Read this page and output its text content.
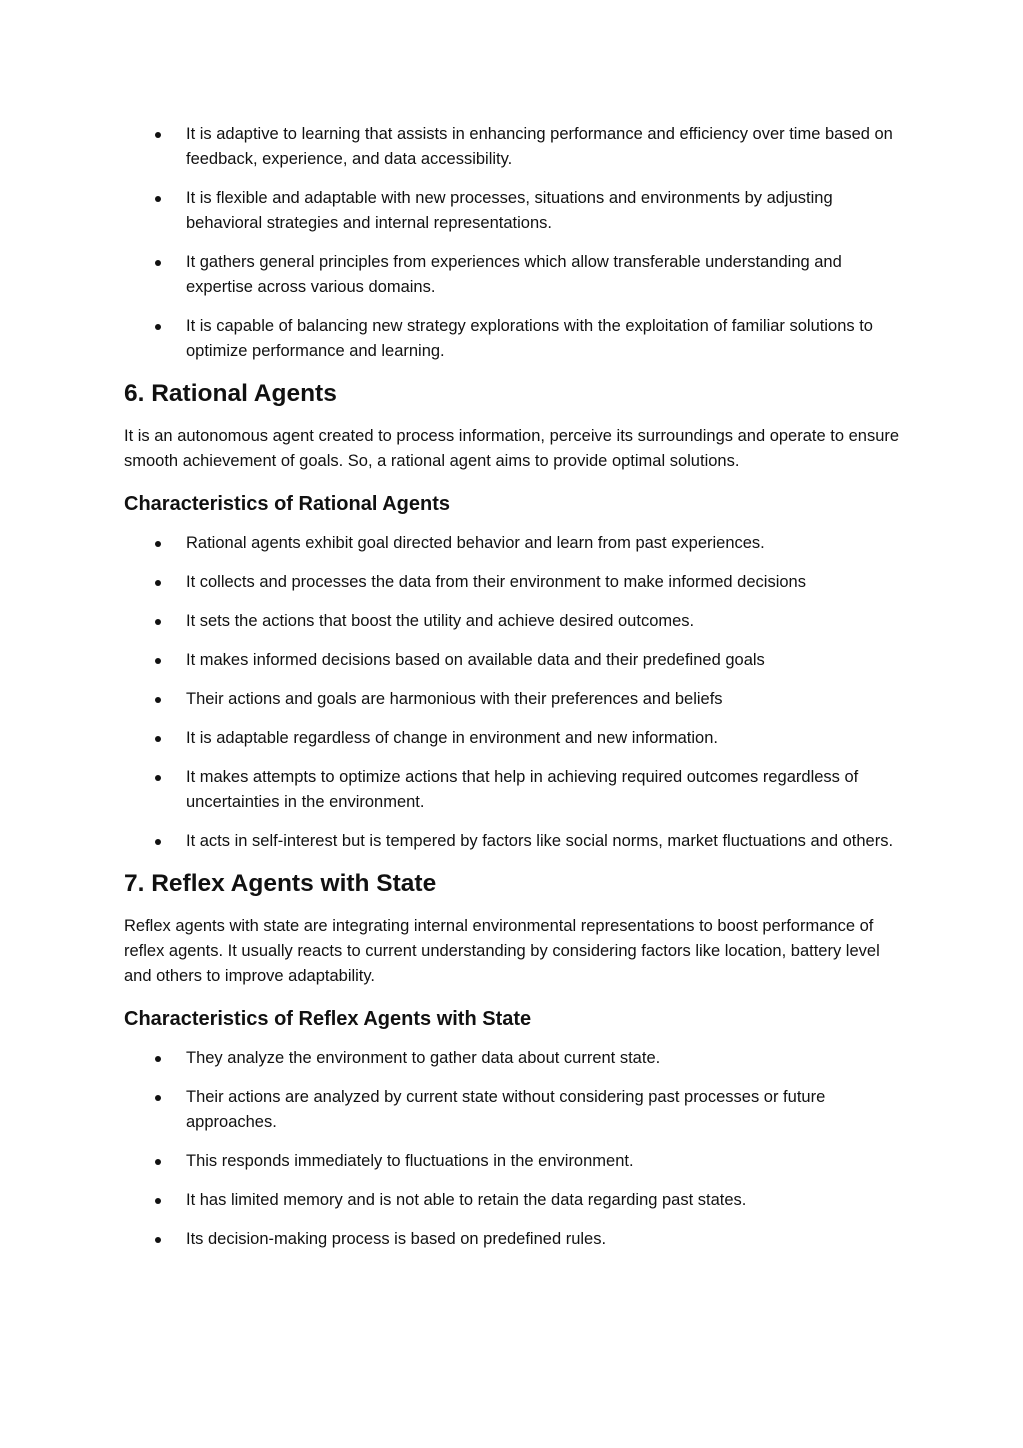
It is adaptive to learning that assists in enhancing performance and efficiency over time based on feedback, experience, and data accessibility.
It is flexible and adaptable with new processes, situations and environments by adjusting behavioral strategies and internal representations.
It gathers general principles from experiences which allow transferable understanding and expertise across various domains.
It is capable of balancing new strategy explorations with the exploitation of familiar solutions to optimize performance and learning.
6. Rational Agents

It is an autonomous agent created to process information, perceive its surroundings and operate to ensure smooth achievement of goals. So, a rational agent aims to provide optimal solutions.

Characteristics of Rational Agents
Rational agents exhibit goal directed behavior and learn from past experiences.
It collects and processes the data from their environment to make informed decisions
It sets the actions that boost the utility and achieve desired outcomes.
It makes informed decisions based on available data and their predefined goals
Their actions and goals are harmonious with their preferences and beliefs
It is adaptable regardless of change in environment and new information.
It makes attempts to optimize actions that help in achieving required outcomes regardless of uncertainties in the environment.
It acts in self-interest but is tempered by factors like social norms, market fluctuations and others.
7. Reflex Agents with State

Reflex agents with state are integrating internal environmental representations to boost performance of reflex agents. It usually reacts to current understanding by considering factors like location, battery level and others to improve adaptability.

Characteristics of Reflex Agents with State
They analyze the environment to gather data about current state.
Their actions are analyzed by current state without considering past processes or future approaches.
This responds immediately to fluctuations in the environment.
It has limited memory and is not able to retain the data regarding past states.
Its decision-making process is based on predefined rules.
